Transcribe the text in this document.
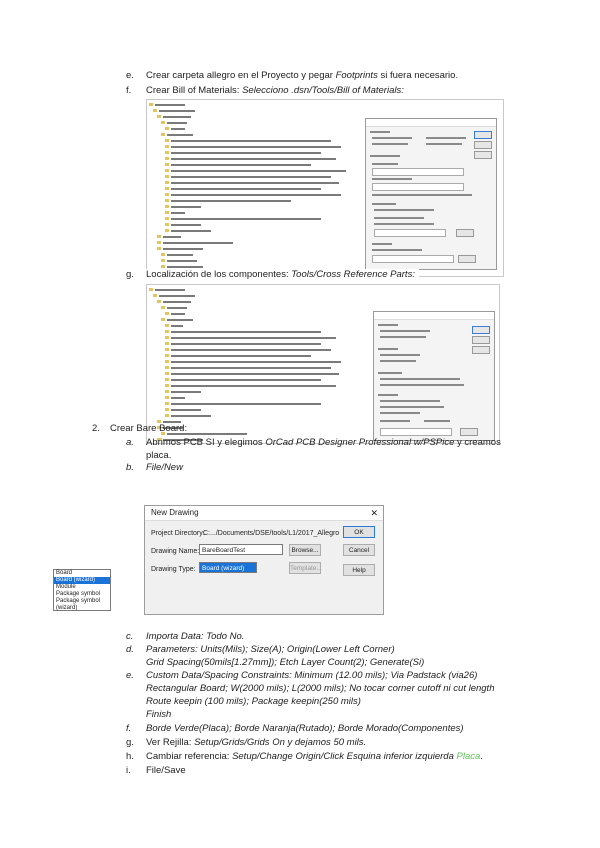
e. Crear carpeta allegro en el Proyecto y pegar Footprints si fuera necesario.
f. Crear Bill of Materials: Selecciono .dsn/Tools/Bill of Materials:
g. Localización de los componentes: Tools/Cross Reference Parts:
2. Crear Bare Board:
a. Abrimos PCB SI y elegimos OrCad PCB Designer Professional w/PSPice y creamos
placa.
b. File/New
New Drawing	✕
Project Directory:
C:.../Documents/DSE/tools/L1/2017_Allegro	OK
Drawing Name: BareBoardTest	Browse...	Cancel
Drawing Type: Board (wizard)	Template...	Help
Board
Board (wizard)
Module
Package symbol
Package symbol (wizard)
c. Importa Data: Todo No.
d. Parameters: Units(Mils); Size(A); Origin(Lower Left Corner)
Grid Spacing(50mils[1.27mm]); Etch Layer Count(2); Generate(Si)
e. Custom Data/Spacing Constraints: Minimum (12.00 mils); Via Padstack (via26)
Rectangular Board; W(2000 mils); L(2000 mils); No tocar corner cutoff ni cut length
Route keepin (100 mils); Package keepin(250 mils)
Finish
f. Borde Verde(Placa); Borde Naranja(Rutado); Borde Morado(Componentes)
g. Ver Rejilla: Setup/Grids/Grids On y dejamos 50 mils.
h. Cambiar referencia: Setup/Change Origin/Click Esquina inferior izquierda Placa.
i. File/Save
